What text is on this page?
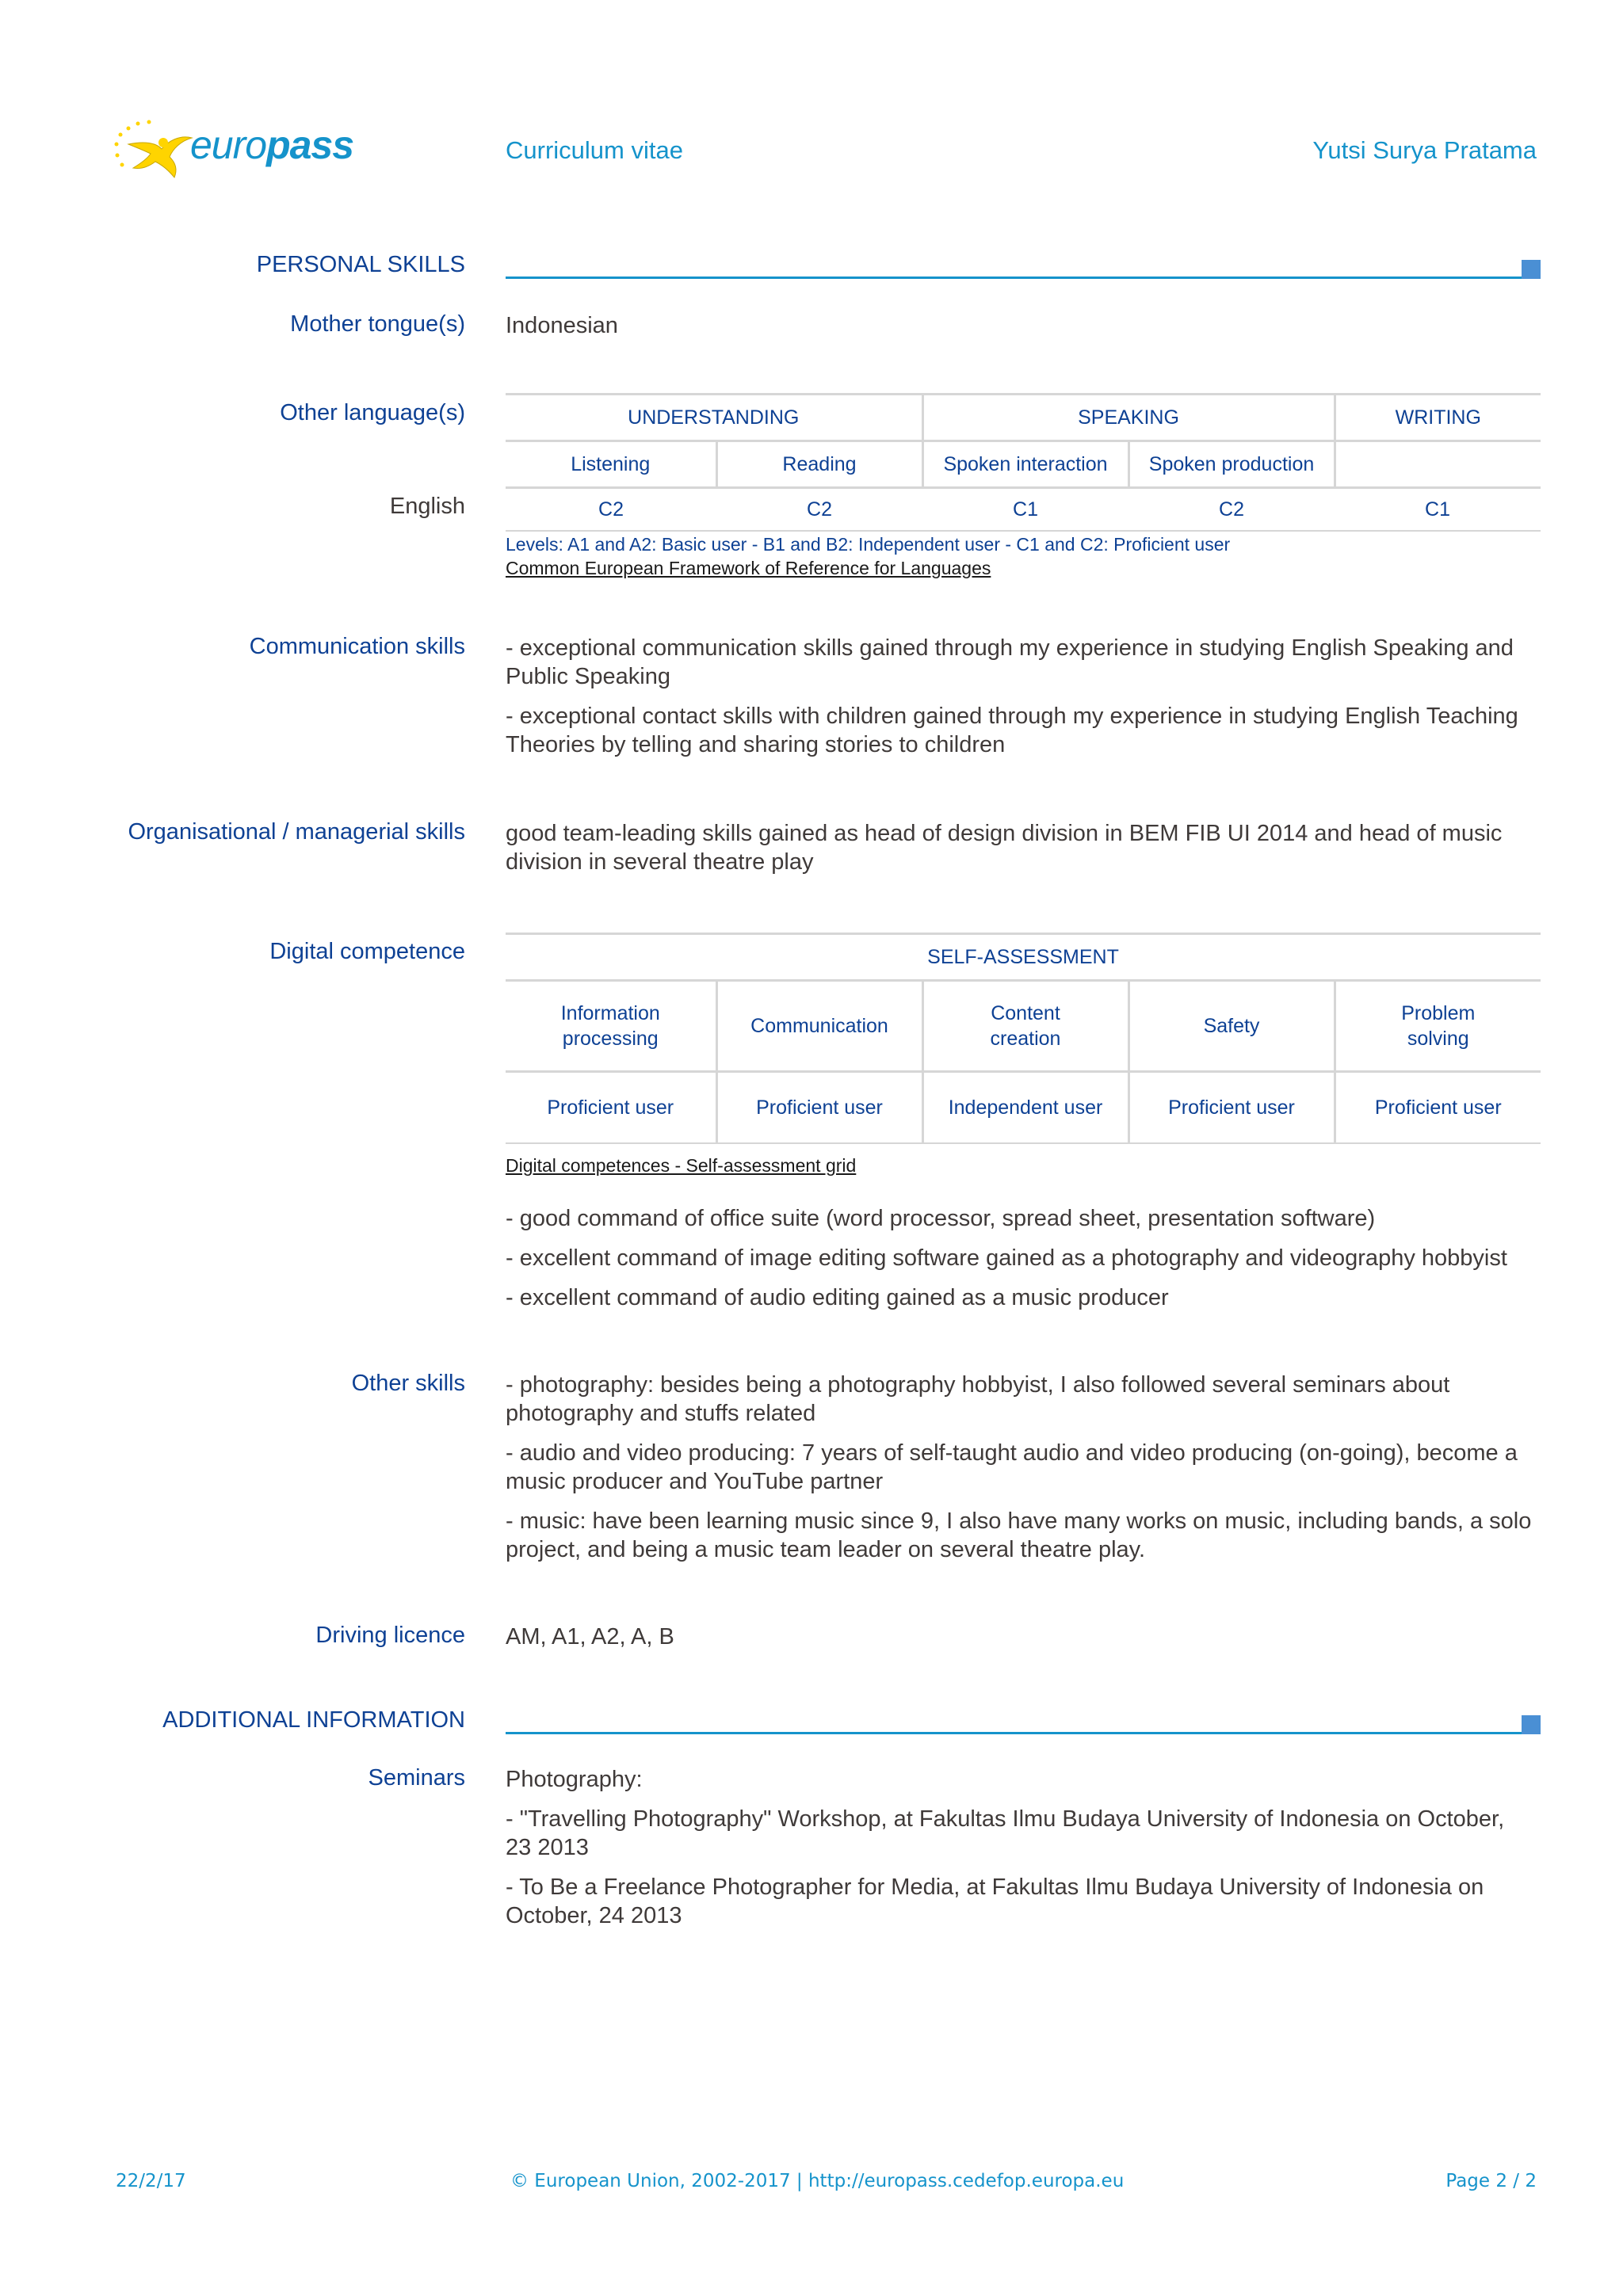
europass	Curriculum vitae	Yutsi Surya Pratama
PERSONAL SKILLS
Mother tongue(s) Indonesian
Other language(s)	UNDERSTANDING		SPEAKING		WRITING
Listening	Reading	Spoken interaction	Spoken production	
C2	C2	C1	C2	C1
English
Levels: A1 and A2: Basic user - B1 and B2: Independent user - C1 and C2: Proficient user
Common European Framework of Reference for Languages
Communication skills - exceptional communication skills gained through my experience in studying English Speaking and Public Speaking

- exceptional contact skills with children gained through my experience in studying English Teaching Theories by telling and sharing stories to children

Organisational / managerial skills good team-leading skills gained as head of design division in BEM FIB UI 2014 and head of music division in several theatre play
Digital competence	SELF-ASSESSMENT				
Information processing	Communication	Content creation	Safety	Problem solving
Proficient user	Proficient user	Independent user	Proficient user	Proficient user
Digital competences - Self-assessment grid

- good command of office suite (word processor, spread sheet, presentation software)

- excellent command of image editing software gained as a photography and videography hobbyist

- excellent command of audio editing gained as a music producer

Other skills - photography: besides being a photography hobbyist, I also followed several seminars about photography and stuffs related

- audio and video producing: 7 years of self-taught audio and video producing (on-going), become a music producer and YouTube partner

- music: have been learning music since 9, I also have many works on music, including bands, a solo project, and being a music team leader on several theatre play.

Driving licence AM, A1, A2, A, B
ADDITIONAL INFORMATION
Seminars Photography:

- "Travelling Photography" Workshop, at Fakultas Ilmu Budaya University of Indonesia on October, 23 2013

- To Be a Freelance Photographer for Media, at Fakultas Ilmu Budaya University of Indonesia on October, 24 2013

22/2/17	© European Union, 2002-2017 | http://europass.cedefop.europa.eu	Page 2 / 2
